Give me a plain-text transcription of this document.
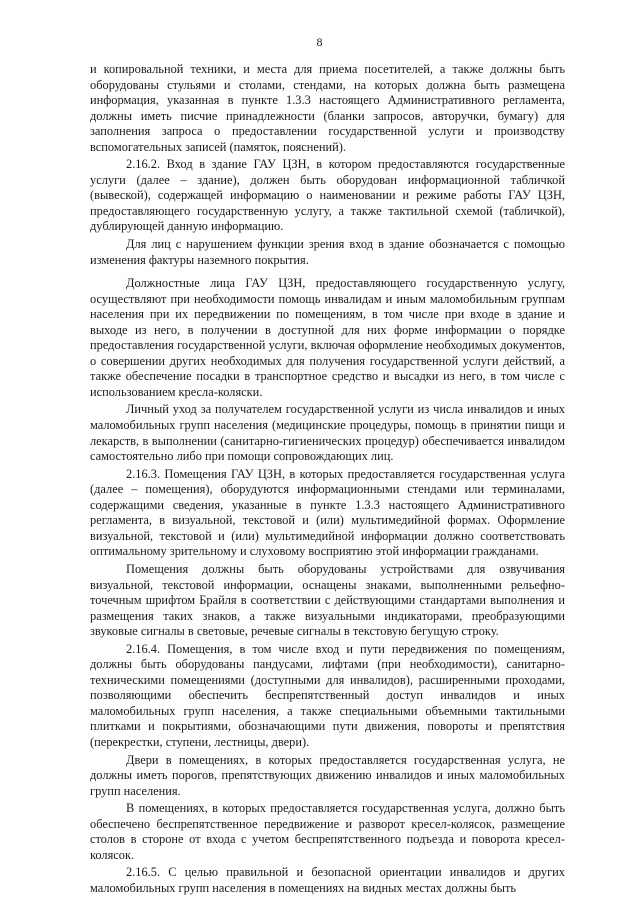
8

и копировальной техники, и места для приема посетителей, а также должны быть оборудованы стульями и столами, стендами, на которых должна быть размещена информация, указанная в пункте 1.3.3 настоящего Административного регламента, должны иметь писчие принадлежности (бланки запросов, авторучки, бумагу) для заполнения запроса о предоставлении государственной услуги и производству вспомогательных записей (памяток, пояснений).

2.16.2. Вход в здание ГАУ ЦЗН, в котором предоставляются государственные услуги (далее – здание), должен быть оборудован информационной табличкой (вывеской), содержащей информацию о наименовании и режиме работы ГАУ ЦЗН, предоставляющего государственную услугу, а также тактильной схемой (табличкой), дублирующей данную информацию.

Для лиц с нарушением функции зрения вход в здание обозначается с помощью изменения фактуры наземного покрытия.

Должностные лица ГАУ ЦЗН, предоставляющего государственную услугу, осуществляют при необходимости помощь инвалидам и иным маломобильным группам населения при их передвижении по помещениям, в том числе при входе в здание и выходе из него, в получении в доступной для них форме информации о порядке предоставления государственной услуги, включая оформление необходимых документов, о совершении других необходимых для получения государственной услуги действий, а также обеспечение посадки в транспортное средство и высадки из него, в том числе с использованием кресла-коляски.

Личный уход за получателем государственной услуги из числа инвалидов и иных маломобильных групп населения (медицинские процедуры, помощь в принятии пищи и лекарств, в выполнении (санитарно-гигиенических процедур) обеспечивается инвалидом самостоятельно либо при помощи сопровождающих лиц.

2.16.3. Помещения ГАУ ЦЗН, в которых предоставляется государственная услуга (далее – помещения), оборудуются информационными стендами или терминалами, содержащими сведения, указанные в пункте 1.3.3 настоящего Административного регламента, в визуальной, текстовой и (или) мультимедийной формах. Оформление визуальной, текстовой и (или) мультимедийной информации должно соответствовать оптимальному зрительному и слуховому восприятию этой информации гражданами.

Помещения должны быть оборудованы устройствами для озвучивания визуальной, текстовой информации, оснащены знаками, выполненными рельефно-точечным шрифтом Брайля в соответствии с действующими стандартами выполнения и размещения таких знаков, а также визуальными индикаторами, преобразующими звуковые сигналы в световые, речевые сигналы в текстовую бегущую строку.

2.16.4. Помещения, в том числе вход и пути передвижения по помещениям, должны быть оборудованы пандусами, лифтами (при необходимости), санитарно-техническими помещениями (доступными для инвалидов), расширенными проходами, позволяющими обеспечить беспрепятственный доступ инвалидов и иных маломобильных групп населения, а также специальными объемными тактильными плитками и покрытиями, обозначающими пути движения, повороты и препятствия (перекрестки, ступени, лестницы, двери).

Двери в помещениях, в которых предоставляется государственная услуга, не должны иметь порогов, препятствующих движению инвалидов и иных маломобильных групп населения.

В помещениях, в которых предоставляется государственная услуга, должно быть обеспечено беспрепятственное передвижение и разворот кресел-колясок, размещение столов в стороне от входа с учетом беспрепятственного подъезда и поворота кресел-колясок.

2.16.5. С целью правильной и безопасной ориентации инвалидов и других маломобильных групп населения в помещениях на видных местах должны быть
